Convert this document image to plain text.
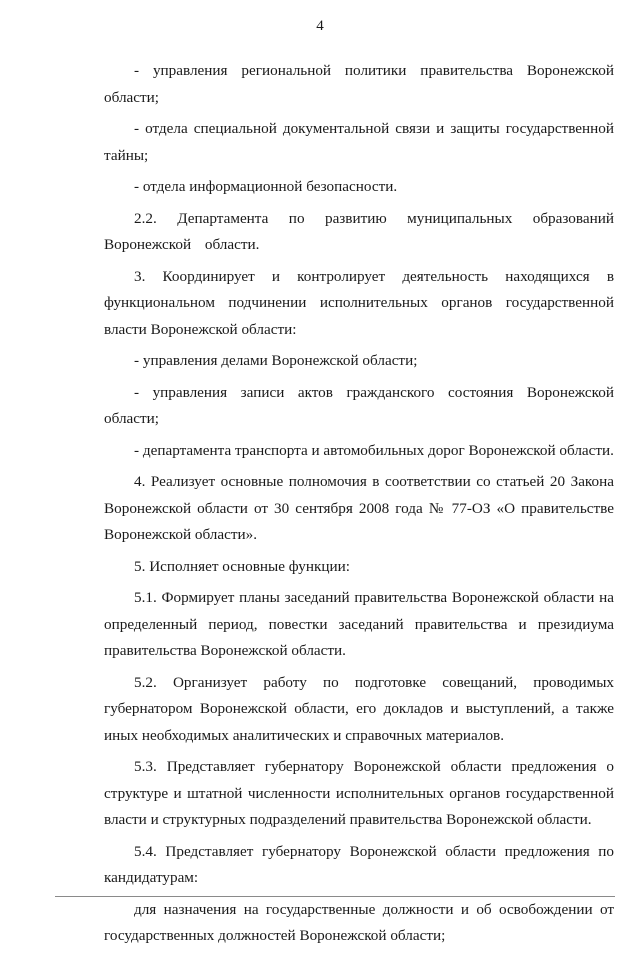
4

- управления региональной политики правительства Воронежской области;

- отдела специальной документальной связи и защиты государственной тайны;

- отдела информационной безопасности.

2.2. Департамента по развитию муниципальных образований Воронежской области.

3. Координирует и контролирует деятельность находящихся в функциональном подчинении исполнительных органов государственной власти Воронежской области:

- управления делами Воронежской области;

- управления записи актов гражданского состояния Воронежской области;

- департамента транспорта и автомобильных дорог Воронежской области.

4. Реализует основные полномочия в соответствии со статьей 20 Закона Воронежской области от 30 сентября 2008 года № 77-ОЗ «О правительстве Воронежской области».

5. Исполняет основные функции:

5.1. Формирует планы заседаний правительства Воронежской области на определенный период, повестки заседаний правительства и президиума правительства Воронежской области.

5.2. Организует работу по подготовке совещаний, проводимых губернатором Воронежской области, его докладов и выступлений, а также иных необходимых аналитических и справочных материалов.

5.3. Представляет губернатору Воронежской области предложения о структуре и штатной численности исполнительных органов государственной власти и структурных подразделений правительства Воронежской области.

5.4. Представляет губернатору Воронежской области предложения по кандидатурам:

для назначения на государственные должности и об освобождении от государственных должностей Воронежской области;
